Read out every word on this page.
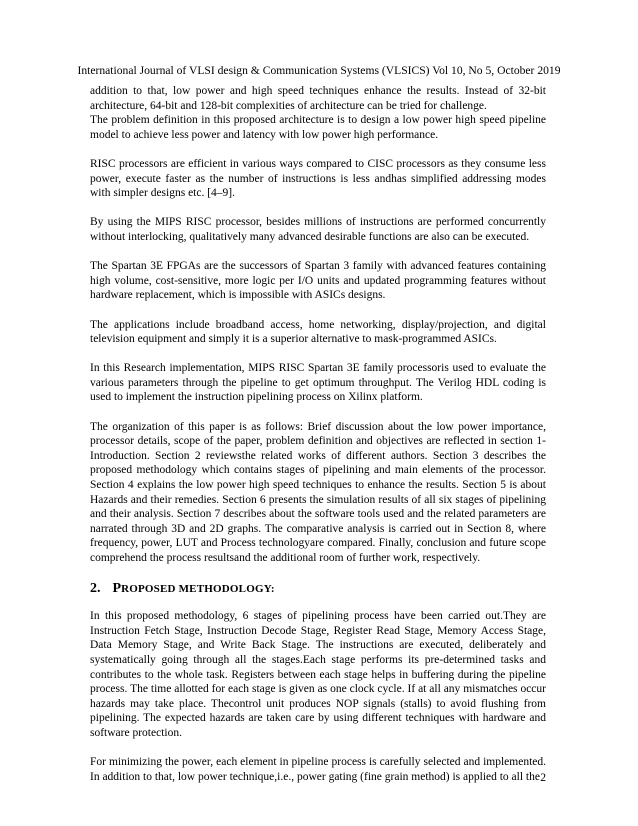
International Journal of VLSI design & Communication Systems (VLSICS) Vol 10, No 5, October 2019

addition to that, low power and high speed techniques enhance the results. Instead of 32-bit architecture, 64-bit and 128-bit complexities of architecture can be tried for challenge.

The problem definition in this proposed architecture is to design a low power high speed pipeline model to achieve less power and latency with low power high performance.

RISC processors are efficient in various ways compared to CISC processors as they consume less power, execute faster as the number of instructions is less andhas simplified addressing modes with simpler designs etc. [4–9].

By using the MIPS RISC processor, besides millions of instructions are performed concurrently without interlocking, qualitatively many advanced desirable functions are also can be executed.

The Spartan 3E FPGAs are the successors of Spartan 3 family with advanced features containing high volume, cost-sensitive, more logic per I/O units and updated programming features without hardware replacement, which is impossible with ASICs designs.

The applications include broadband access, home networking, display/projection, and digital television equipment and simply it is a superior alternative to mask-programmed ASICs.

In this Research implementation, MIPS RISC Spartan 3E family processoris used to evaluate the various parameters through the pipeline to get optimum throughput. The Verilog HDL coding is used to implement the instruction pipelining process on Xilinx platform.

The organization of this paper is as follows: Brief discussion about the low power importance, processor details, scope of the paper, problem definition and objectives are reflected in section 1-Introduction. Section 2 reviewsthe related works of different authors. Section 3 describes the proposed methodology which contains stages of pipelining and main elements of the processor. Section 4 explains the low power high speed techniques to enhance the results. Section 5 is about Hazards and their remedies. Section 6 presents the simulation results of all six stages of pipelining and their analysis. Section 7 describes about the software tools used and the related parameters are narrated through 3D and 2D graphs. The comparative analysis is carried out in Section 8, where frequency, power, LUT and Process technologyare compared. Finally, conclusion and future scope comprehend the process resultsand the additional room of further work, respectively.

2. PROPOSED METHODOLOGY:

In this proposed methodology, 6 stages of pipelining process have been carried out.They are Instruction Fetch Stage, Instruction Decode Stage, Register Read Stage, Memory Access Stage, Data Memory Stage, and Write Back Stage. The instructions are executed, deliberately and systematically going through all the stages.Each stage performs its pre-determined tasks and contributes to the whole task. Registers between each stage helps in buffering during the pipeline process. The time allotted for each stage is given as one clock cycle. If at all any mismatches occur hazards may take place. Thecontrol unit produces NOP signals (stalls) to avoid flushing from pipelining. The expected hazards are taken care by using different techniques with hardware and software protection.

For minimizing the power, each element in pipeline process is carefully selected and implemented. In addition to that, low power technique,i.e., power gating (fine grain method) is applied to all the 2
